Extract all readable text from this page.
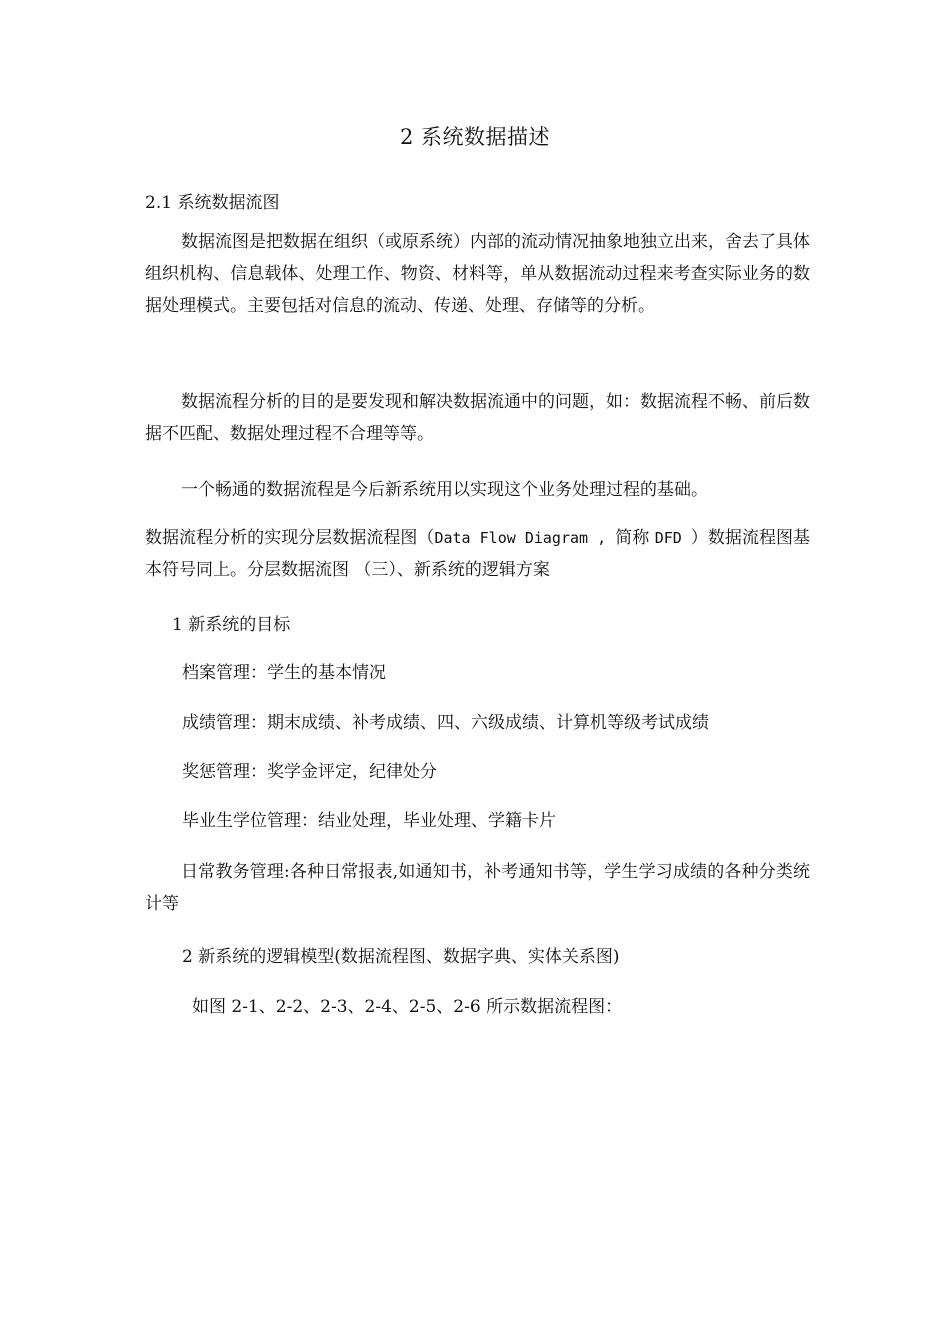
2 系统数据描述
2.1 系统数据流图

数据流图是把数据在组织（或原系统）内部的流动情况抽象地独立出来，舍去了具体组织机构、信息载体、处理工作、物资、材料等，单从数据流动过程来考查实际业务的数据处理模式。主要包括对信息的流动、传递、处理、存储等的分析。

数据流程分析的目的是要发现和解决数据流通中的问题，如：数据流程不畅、前后数据不匹配、数据处理过程不合理等等。

一个畅通的数据流程是今后新系统用以实现这个业务处理过程的基础。

数据流程分析的实现分层数据流程图（Data Flow Diagram , 简称 DFD ）数据流程图基本符号同上。分层数据流图 （三）、新系统的逻辑方案

1 新系统的目标
档案管理：学生的基本情况
成绩管理：期末成绩、补考成绩、四、六级成绩、计算机等级考试成绩
奖惩管理：奖学金评定，纪律处分
毕业生学位管理：结业处理，毕业处理、学籍卡片

日常教务管理:各种日常报表,如通知书，补考通知书等，学生学习成绩的各种分类统计等

2 新系统的逻辑模型(数据流程图、数据字典、实体关系图)
如图 2-1、2-2、2-3、2-4、2-5、2-6 所示数据流程图：
